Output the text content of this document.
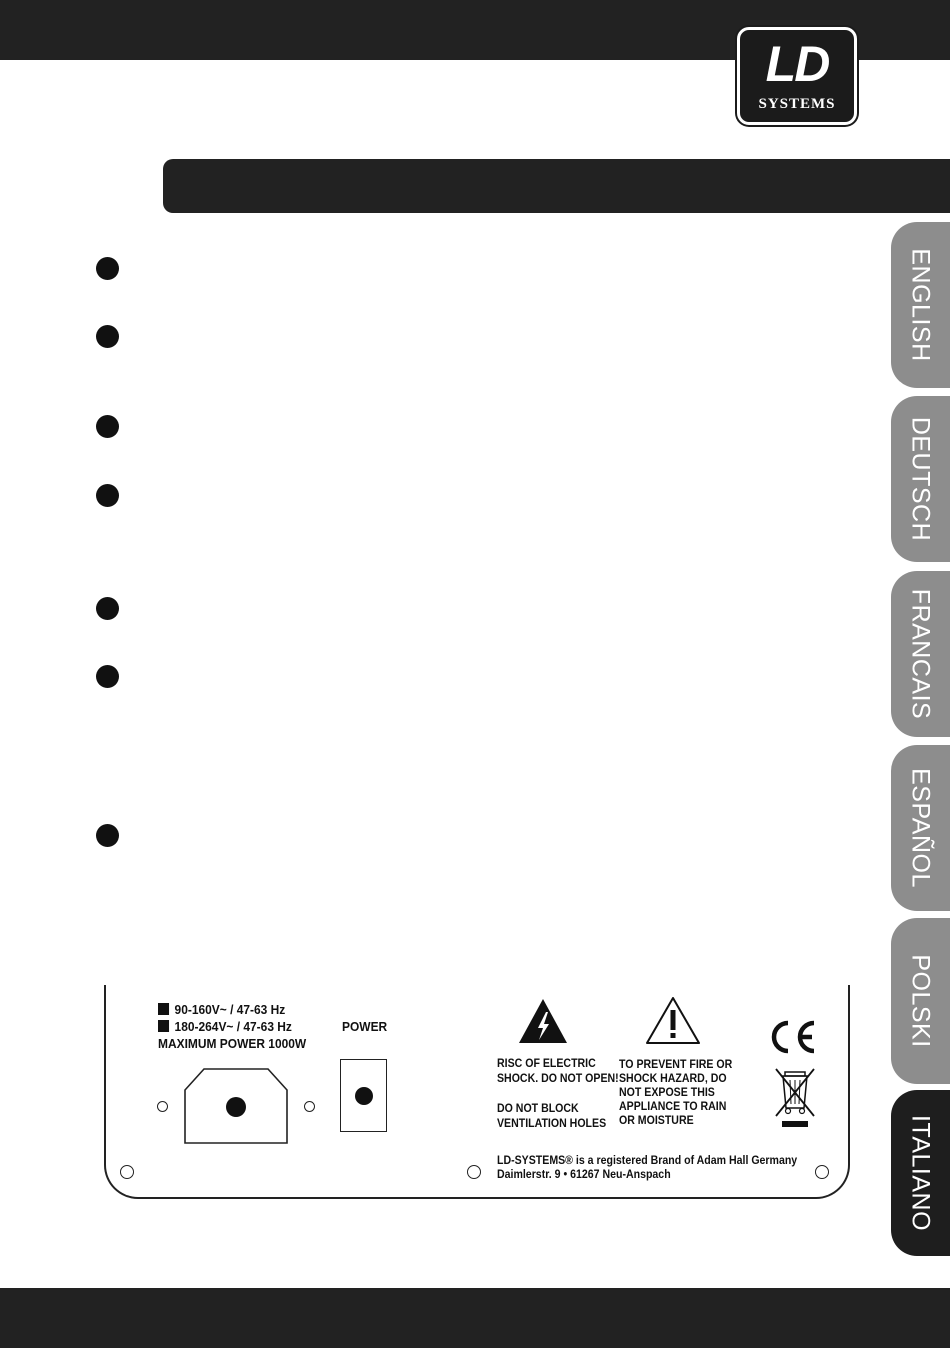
LD
SYSTEMS
ENGLISH
DEUTSCH
FRANCAIS
ESPAÑOL
POLSKI
ITALIANO
90-160V~ / 47-63 Hz
180-264V~ / 47-63 Hz
MAXIMUM POWER 1000W
POWER
RISC OF ELECTRIC
SHOCK. DO NOT OPEN!
DO NOT BLOCK
VENTILATION HOLES
TO PREVENT FIRE OR
SHOCK HAZARD, DO
NOT EXPOSE THIS
APPLIANCE TO RAIN
OR MOISTURE
LD-SYSTEMS® is a registered Brand of Adam Hall Germany
Daimlerstr. 9 • 61267 Neu-Anspach
